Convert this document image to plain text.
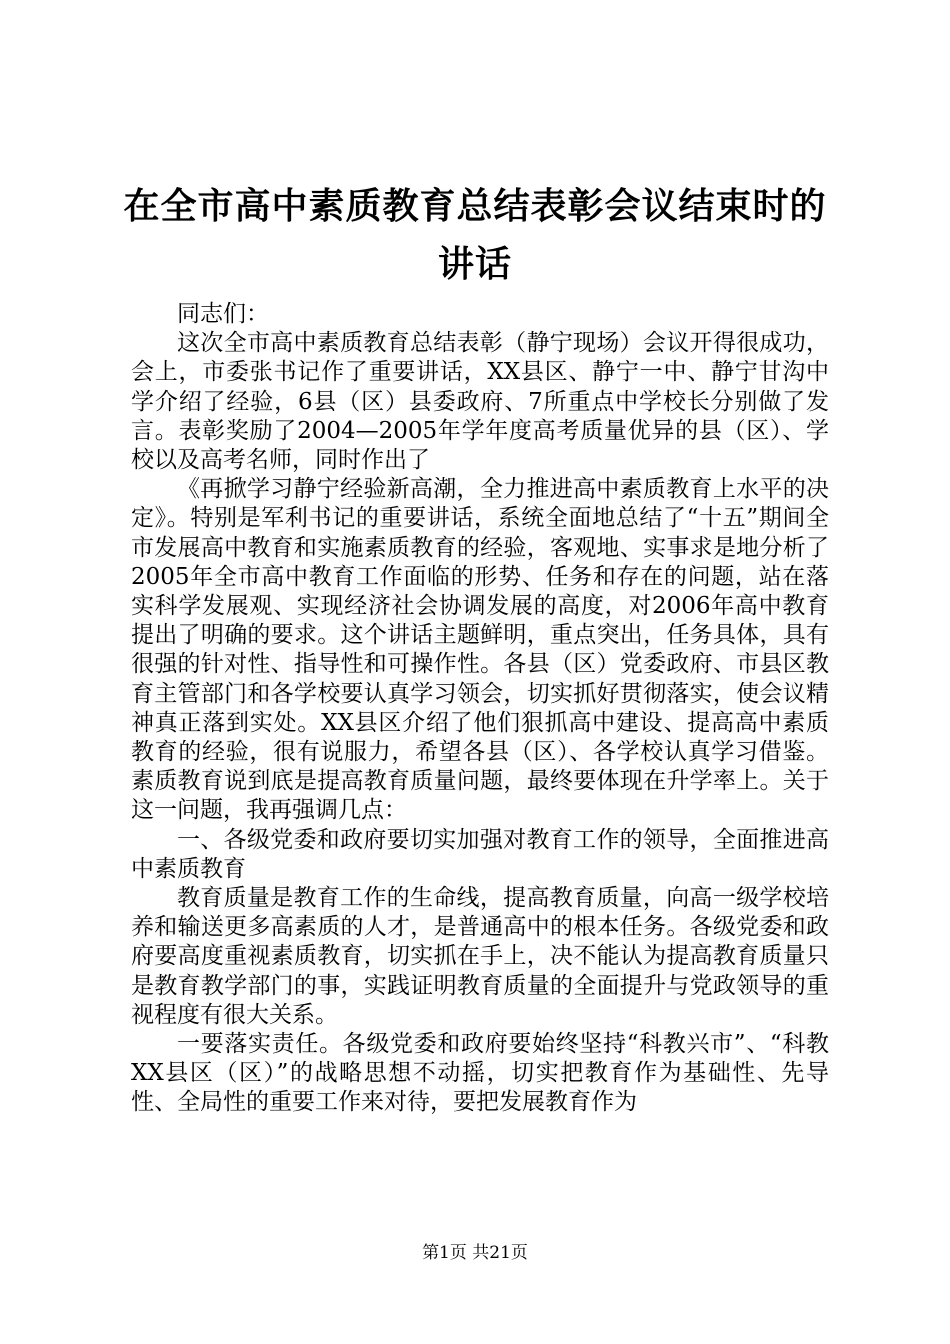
在全市高中素质教育总结表彰会议结束时的讲话

同志们：

这次全市高中素质教育总结表彰（静宁现场）会议开得很成功，会上，市委张书记作了重要讲话，XX县区、静宁一中、静宁甘沟中学介绍了经验，6县（区）县委政府、7所重点中学校长分别做了发言。表彰奖励了2004—2005年学年度高考质量优异的县（区）、学校以及高考名师，同时作出了

《再掀学习静宁经验新高潮，全力推进高中素质教育上水平的决定》。特别是军利书记的重要讲话，系统全面地总结了“十五”期间全市发展高中教育和实施素质教育的经验，客观地、实事求是地分析了2005年全市高中教育工作面临的形势、任务和存在的问题，站在落实科学发展观、实现经济社会协调发展的高度，对2006年高中教育提出了明确的要求。这个讲话主题鲜明，重点突出，任务具体，具有很强的针对性、指导性和可操作性。各县（区）党委政府、市县区教育主管部门和各学校要认真学习领会，切实抓好贯彻落实，使会议精神真正落到实处。XX县区介绍了他们狠抓高中建设、提高高中素质教育的经验，很有说服力，希望各县（区）、各学校认真学习借鉴。素质教育说到底是提高教育质量问题，最终要体现在升学率上。关于这一问题，我再强调几点：

一、各级党委和政府要切实加强对教育工作的领导，全面推进高中素质教育

教育质量是教育工作的生命线，提高教育质量，向高一级学校培养和输送更多高素质的人才，是普通高中的根本任务。各级党委和政府要高度重视素质教育，切实抓在手上，决不能认为提高教育质量只是教育教学部门的事，实践证明教育质量的全面提升与党政领导的重视程度有很大关系。

一要落实责任。各级党委和政府要始终坚持“科教兴市”、“科教XX县区（区）”的战略思想不动摇，切实把教育作为基础性、先导性、全局性的重要工作来对待，要把发展教育作为

第1页 共21页
